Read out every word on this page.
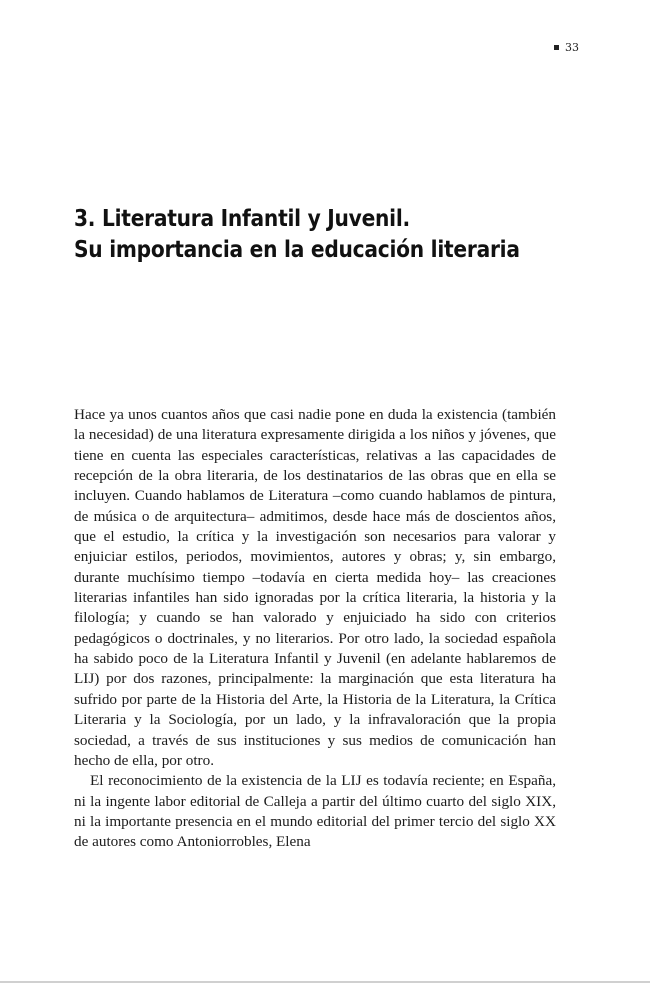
33
3. Literatura Infantil y Juvenil.
Su importancia en la educación literaria

Hace ya unos cuantos años que casi nadie pone en duda la existencia (también la necesidad) de una literatura expresamente dirigida a los niños y jóvenes, que tiene en cuenta las especiales características, relativas a las capacidades de recepción de la obra literaria, de los destinatarios de las obras que en ella se incluyen. Cuando hablamos de Literatura –como cuando hablamos de pintura, de música o de arquitectura– admitimos, desde hace más de doscientos años, que el estudio, la crítica y la investigación son necesarios para valorar y enjuiciar estilos, periodos, movimientos, autores y obras; y, sin embargo, durante muchísimo tiempo –todavía en cierta medida hoy– las creaciones literarias infantiles han sido ignoradas por la crítica literaria, la historia y la filología; y cuando se han valorado y enjuiciado ha sido con criterios pedagógicos o doctrinales, y no literarios. Por otro lado, la sociedad española ha sabido poco de la Literatura Infantil y Juvenil (en adelante hablaremos de LIJ) por dos razones, principalmente: la marginación que esta literatura ha sufrido por parte de la Historia del Arte, la Historia de la Literatura, la Crítica Literaria y la Sociología, por un lado, y la infravaloración que la propia sociedad, a través de sus instituciones y sus medios de comunicación han hecho de ella, por otro.

El reconocimiento de la existencia de la LIJ es todavía reciente; en España, ni la ingente labor editorial de Calleja a partir del último cuarto del siglo XIX, ni la importante presencia en el mundo editorial del primer tercio del siglo XX de autores como Antoniorrobles, Elena
